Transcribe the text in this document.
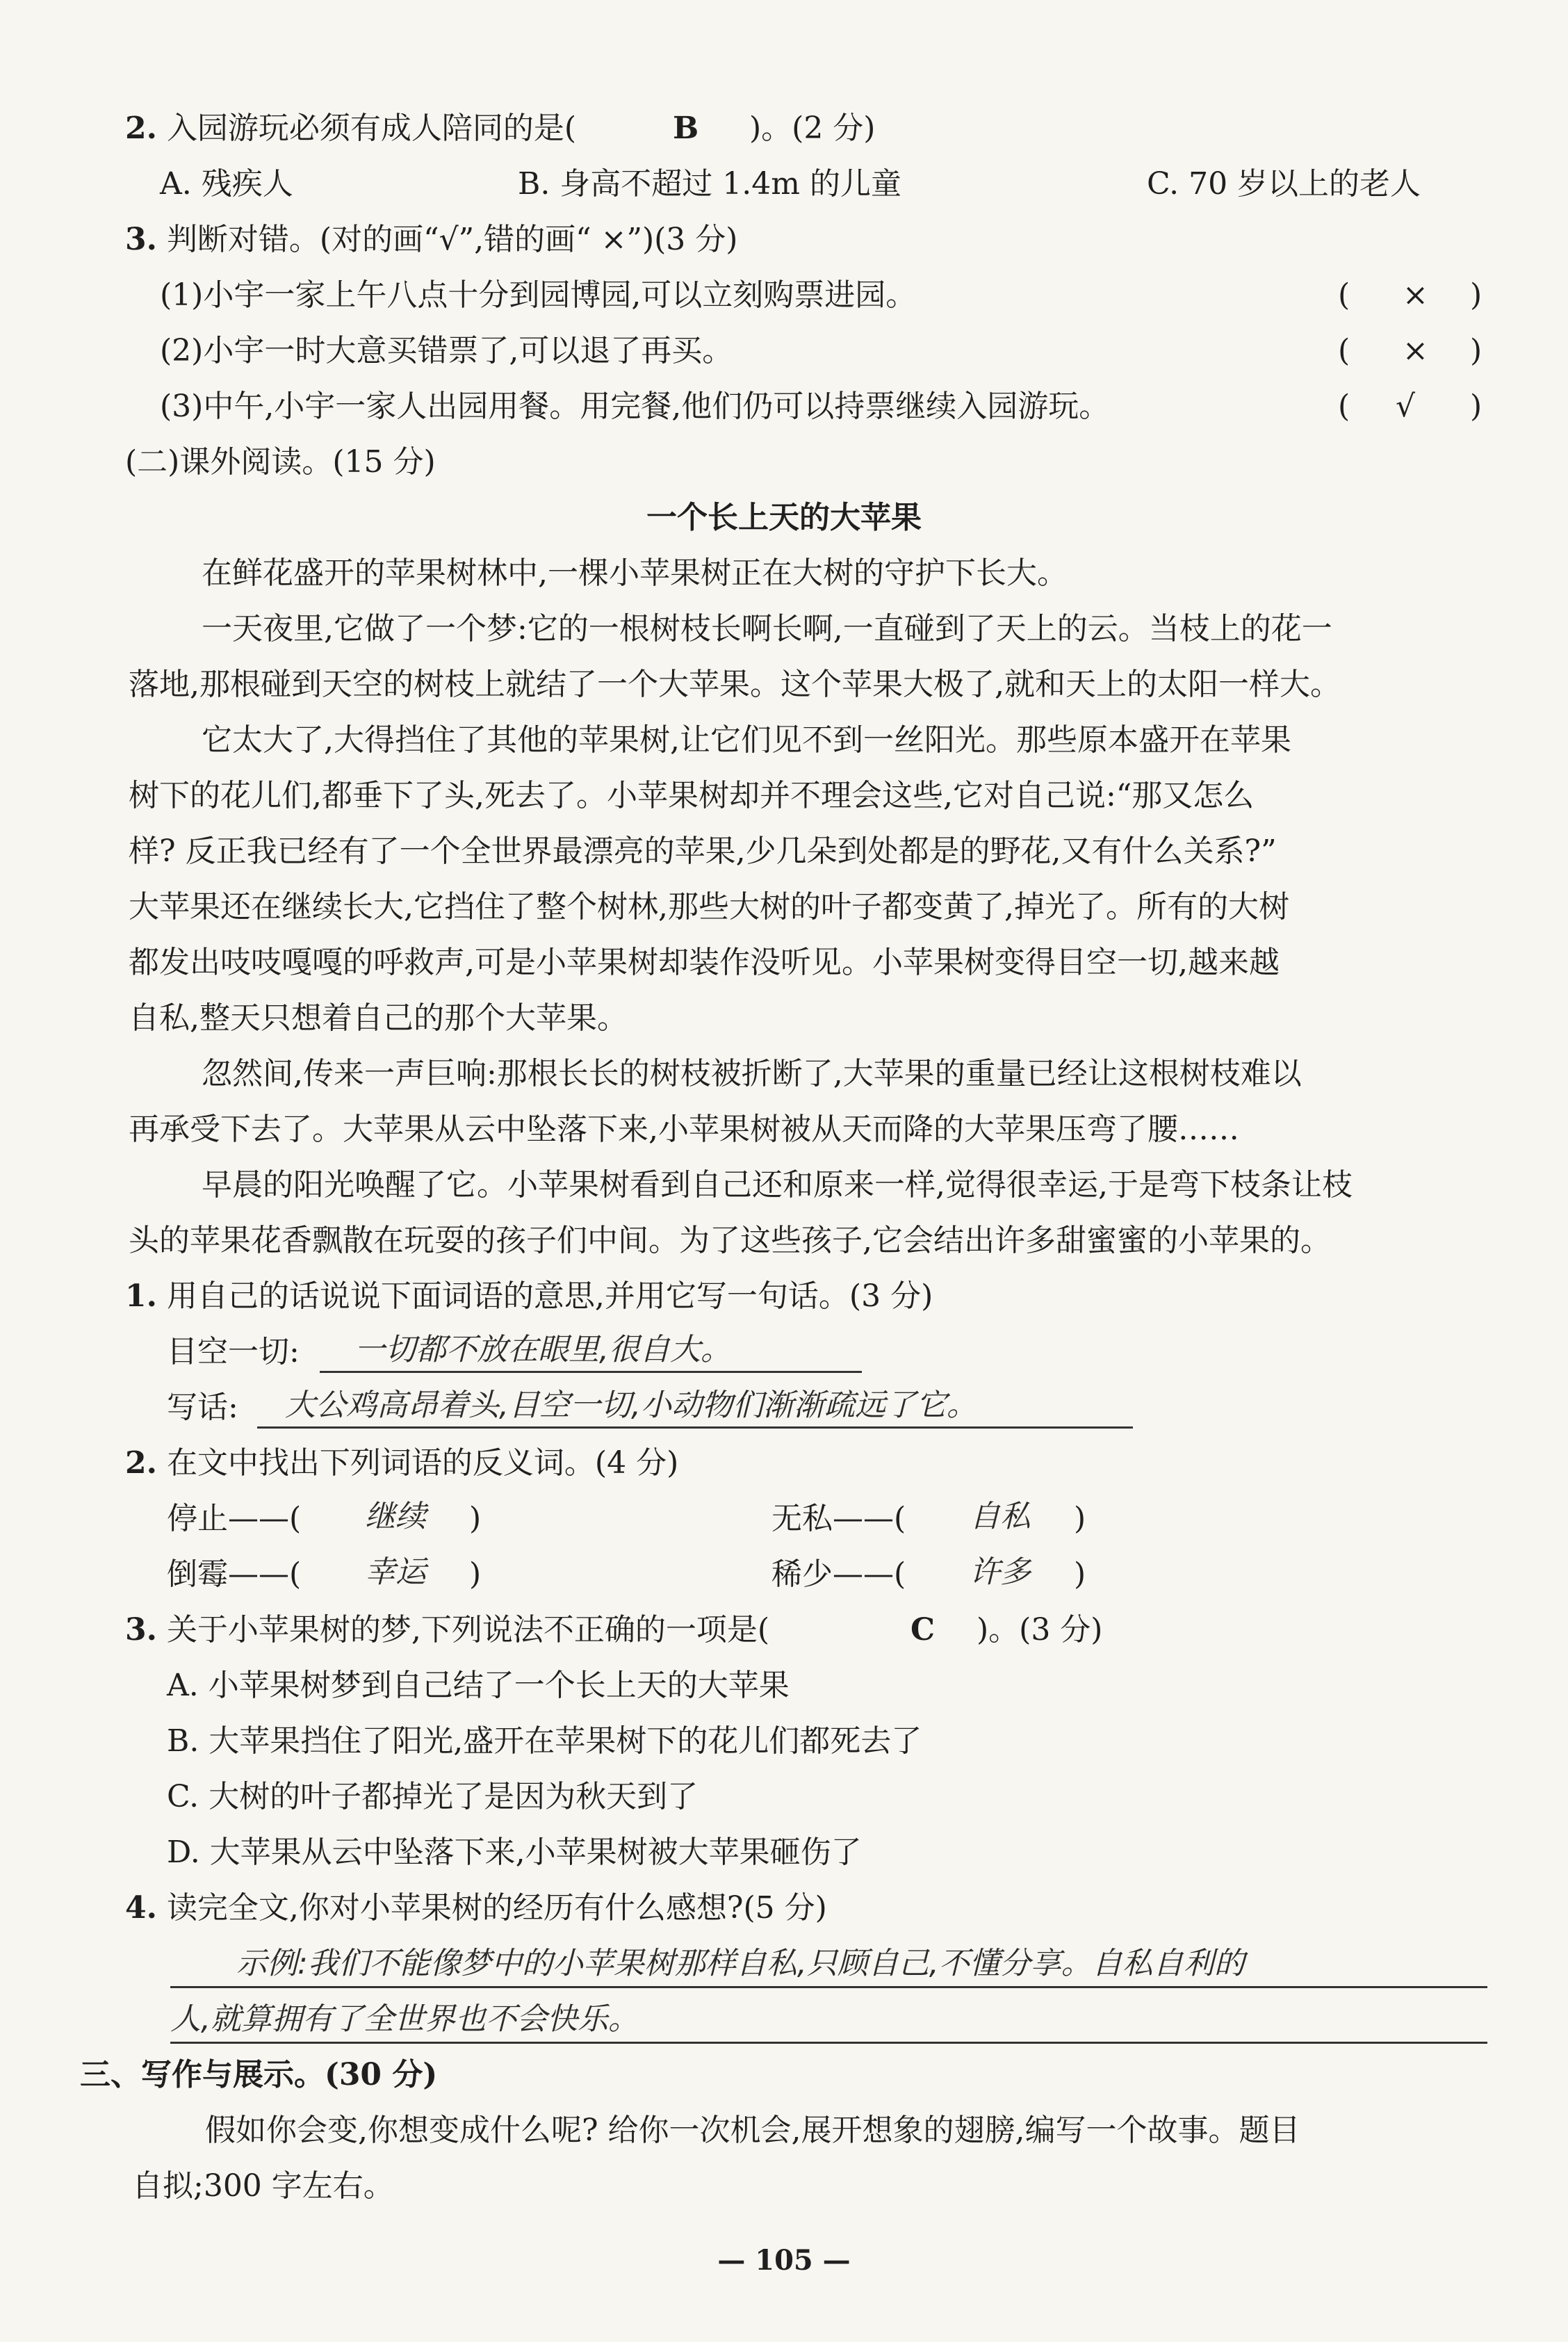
2. 入园游玩必须有成人陪同的是(	B )。(2 分)
A. 残疾人	B. 身高不超过 1.4m 的儿童	C. 70 岁以上的老人
3. 判断对错。(对的画“√”,错的画“ ×”)(3 分)
(1)小宇一家上午八点十分到园博园,可以立刻购票进园。	( × )
(2)小宇一时大意买错票了,可以退了再买。	( × )
(3)中午,小宇一家人出园用餐。用完餐,他们仍可以持票继续入园游玩。	( √ )
(二)课外阅读。(15 分)
一个长上天的大苹果
在鲜花盛开的苹果树林中,一棵小苹果树正在大树的守护下长大。
一天夜里,它做了一个梦:它的一根树枝长啊长啊,一直碰到了天上的云。当枝上的花一
落地,那根碰到天空的树枝上就结了一个大苹果。这个苹果大极了,就和天上的太阳一样大。
它太大了,大得挡住了其他的苹果树,让它们见不到一丝阳光。那些原本盛开在苹果
树下的花儿们,都垂下了头,死去了。小苹果树却并不理会这些,它对自己说:“那又怎么
样? 反正我已经有了一个全世界最漂亮的苹果,少几朵到处都是的野花,又有什么关系?”
大苹果还在继续长大,它挡住了整个树林,那些大树的叶子都变黄了,掉光了。所有的大树
都发出吱吱嘎嘎的呼救声,可是小苹果树却装作没听见。小苹果树变得目空一切,越来越
自私,整天只想着自己的那个大苹果。
忽然间,传来一声巨响:那根长长的树枝被折断了,大苹果的重量已经让这根树枝难以
再承受下去了。大苹果从云中坠落下来,小苹果树被从天而降的大苹果压弯了腰……
早晨的阳光唤醒了它。小苹果树看到自己还和原来一样,觉得很幸运,于是弯下枝条让枝
头的苹果花香飘散在玩耍的孩子们中间。为了这些孩子,它会结出许多甜蜜蜜的小苹果的。
1. 用自己的话说说下面词语的意思,并用它写一句话。(3 分)
目空一切: 一切都不放在眼里,很自大。
写话: 大公鸡高昂着头,目空一切,小动物们渐渐疏远了它。
2. 在文中找出下列词语的反义词。(4 分)
停止——( 继续 )	无私——( 自私 )
倒霉——( 幸运 )	稀少——( 许多 )
3. 关于小苹果树的梦,下列说法不正确的一项是(	C )。(3 分)
A. 小苹果树梦到自己结了一个长上天的大苹果
B. 大苹果挡住了阳光,盛开在苹果树下的花儿们都死去了
C. 大树的叶子都掉光了是因为秋天到了
D. 大苹果从云中坠落下来,小苹果树被大苹果砸伤了
4. 读完全文,你对小苹果树的经历有什么感想?(5 分)
示例:我们不能像梦中的小苹果树那样自私,只顾自己,不懂分享。自私自利的
人,就算拥有了全世界也不会快乐。
三、写作与展示。(30 分)
假如你会变,你想变成什么呢? 给你一次机会,展开想象的翅膀,编写一个故事。题目
自拟;300 字左右。
— 105 —
